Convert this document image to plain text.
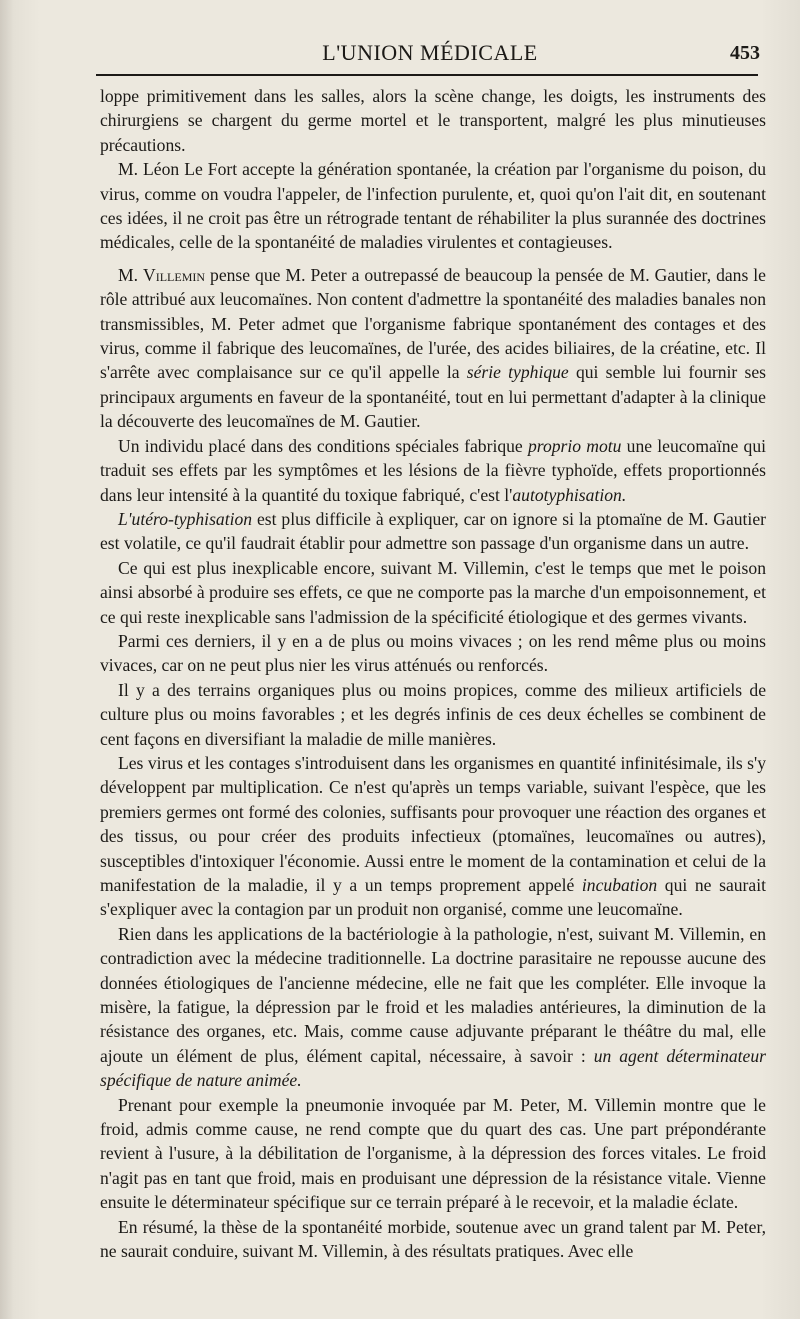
L'UNION MÉDICALE	453

loppe primitivement dans les salles, alors la scène change, les doigts, les instruments des chirurgiens se chargent du germe mortel et le transportent, malgré les plus minutieuses précautions.

M. Léon Le Fort accepte la génération spontanée, la création par l'organisme du poison, du virus, comme on voudra l'appeler, de l'infection purulente, et, quoi qu'on l'ait dit, en soutenant ces idées, il ne croit pas être un rétrograde tentant de réhabiliter la plus surannée des doctrines médicales, celle de la spontanéité de maladies virulentes et contagieuses.

M. Villemin pense que M. Peter a outrepassé de beaucoup la pensée de M. Gautier, dans le rôle attribué aux leucomaïnes. Non content d'admettre la spontanéité des maladies banales non transmissibles, M. Peter admet que l'organisme fabrique spontanément des contages et des virus, comme il fabrique des leucomaïnes, de l'urée, des acides biliaires, de la créatine, etc. Il s'arrête avec complaisance sur ce qu'il appelle la série typhique qui semble lui fournir ses principaux arguments en faveur de la spontanéité, tout en lui permettant d'adapter à la clinique la découverte des leucomaïnes de M. Gautier.

Un individu placé dans des conditions spéciales fabrique proprio motu une leucomaïne qui traduit ses effets par les symptômes et les lésions de la fièvre typhoïde, effets proportionnés dans leur intensité à la quantité du toxique fabriqué, c'est l'autotyphisation.

L'utéro-typhisation est plus difficile à expliquer, car on ignore si la ptomaïne de M. Gautier est volatile, ce qu'il faudrait établir pour admettre son passage d'un organisme dans un autre.

Ce qui est plus inexplicable encore, suivant M. Villemin, c'est le temps que met le poison ainsi absorbé à produire ses effets, ce que ne comporte pas la marche d'un empoisonnement, et ce qui reste inexplicable sans l'admission de la spécificité étiologique et des germes vivants.

Parmi ces derniers, il y en a de plus ou moins vivaces ; on les rend même plus ou moins vivaces, car on ne peut plus nier les virus atténués ou renforcés.

Il y a des terrains organiques plus ou moins propices, comme des milieux artificiels de culture plus ou moins favorables ; et les degrés infinis de ces deux échelles se combinent de cent façons en diversifiant la maladie de mille manières.

Les virus et les contages s'introduisent dans les organismes en quantité infinitésimale, ils s'y développent par multiplication. Ce n'est qu'après un temps variable, suivant l'espèce, que les premiers germes ont formé des colonies, suffisants pour provoquer une réaction des organes et des tissus, ou pour créer des produits infectieux (ptomaïnes, leucomaïnes ou autres), susceptibles d'intoxiquer l'économie. Aussi entre le moment de la contamination et celui de la manifestation de la maladie, il y a un temps proprement appelé incubation qui ne saurait s'expliquer avec la contagion par un produit non organisé, comme une leucomaïne.

Rien dans les applications de la bactériologie à la pathologie, n'est, suivant M. Villemin, en contradiction avec la médecine traditionnelle. La doctrine parasitaire ne repousse aucune des données étiologiques de l'ancienne médecine, elle ne fait que les compléter. Elle invoque la misère, la fatigue, la dépression par le froid et les maladies antérieures, la diminution de la résistance des organes, etc. Mais, comme cause adjuvante préparant le théâtre du mal, elle ajoute un élément de plus, élément capital, nécessaire, à savoir : un agent déterminateur spécifique de nature animée.

Prenant pour exemple la pneumonie invoquée par M. Peter, M. Villemin montre que le froid, admis comme cause, ne rend compte que du quart des cas. Une part prépondérante revient à l'usure, à la débilitation de l'organisme, à la dépression des forces vitales. Le froid n'agit pas en tant que froid, mais en produisant une dépression de la résistance vitale. Vienne ensuite le déterminateur spécifique sur ce terrain préparé à le recevoir, et la maladie éclate.

En résumé, la thèse de la spontanéité morbide, soutenue avec un grand talent par M. Peter, ne saurait conduire, suivant M. Villemin, à des résultats pratiques. Avec elle
